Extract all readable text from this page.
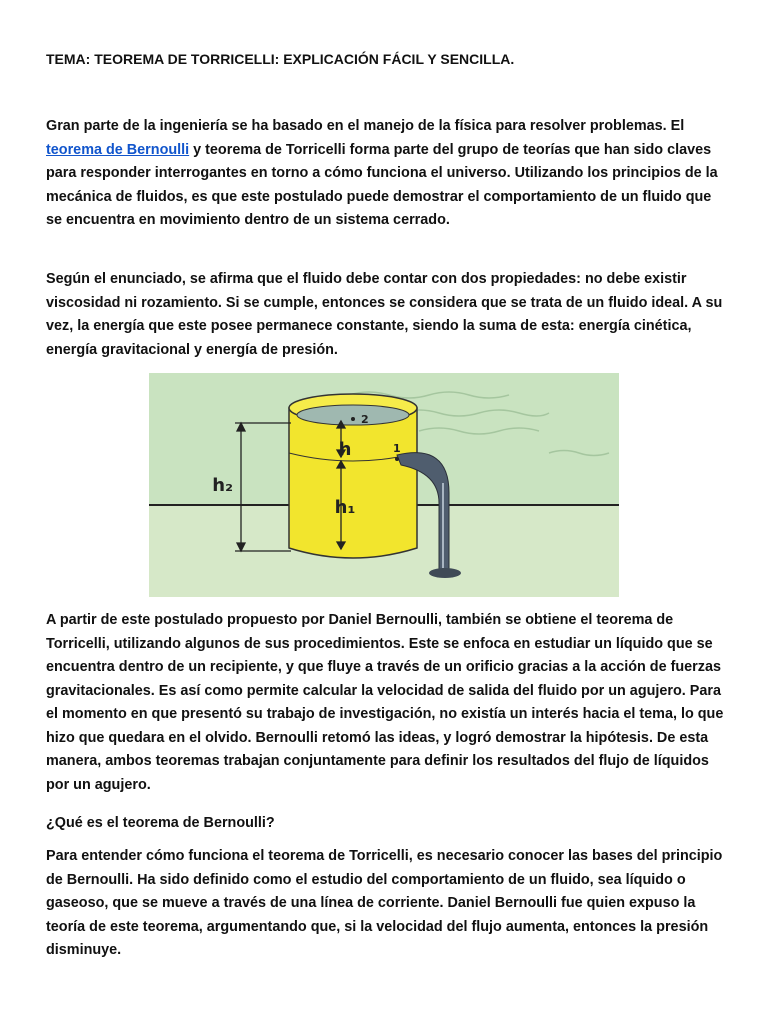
TEMA: TEOREMA DE TORRICELLI: EXPLICACIÓN FÁCIL Y SENCILLA.

Gran parte de la ingeniería se ha basado en el manejo de la física para resolver problemas. El teorema de Bernoulli y teorema de Torricelli forma parte del grupo de teorías que han sido claves para responder interrogantes en torno a cómo funciona el universo. Utilizando los principios de la mecánica de fluidos, es que este postulado puede demostrar el comportamiento de un fluido que se encuentra en movimiento dentro de un sistema cerrado.

Según el enunciado, se afirma que el fluido debe contar con dos propiedades: no debe existir viscosidad ni rozamiento. Si se cumple, entonces se considera que se trata de un fluido ideal. A su vez, la energía que este posee permanece constante, siendo la suma de esta: energía cinética, energía gravitacional y energía de presión.

h₂
h
h₁
1
2

A partir de este postulado propuesto por Daniel Bernoulli, también se obtiene el teorema de Torricelli, utilizando algunos de sus procedimientos. Este se enfoca en estudiar un líquido que se encuentra dentro de un recipiente, y que fluye a través de un orificio gracias a la acción de fuerzas gravitacionales. Es así como permite calcular la velocidad de salida del fluido por un agujero. Para el momento en que presentó su trabajo de investigación, no existía un interés hacia el tema, lo que hizo que quedara en el olvido. Bernoulli retomó las ideas, y logró demostrar la hipótesis. De esta manera, ambos teoremas trabajan conjuntamente para definir los resultados del flujo de líquidos por un agujero.

¿Qué es el teorema de Bernoulli?

Para entender cómo funciona el teorema de Torricelli, es necesario conocer las bases del principio de Bernoulli. Ha sido definido como el estudio del comportamiento de un fluido, sea líquido o gaseoso, que se mueve a través de una línea de corriente. Daniel Bernoulli fue quien expuso la teoría de este teorema, argumentando que, si la velocidad del flujo aumenta, entonces la presión disminuye.
